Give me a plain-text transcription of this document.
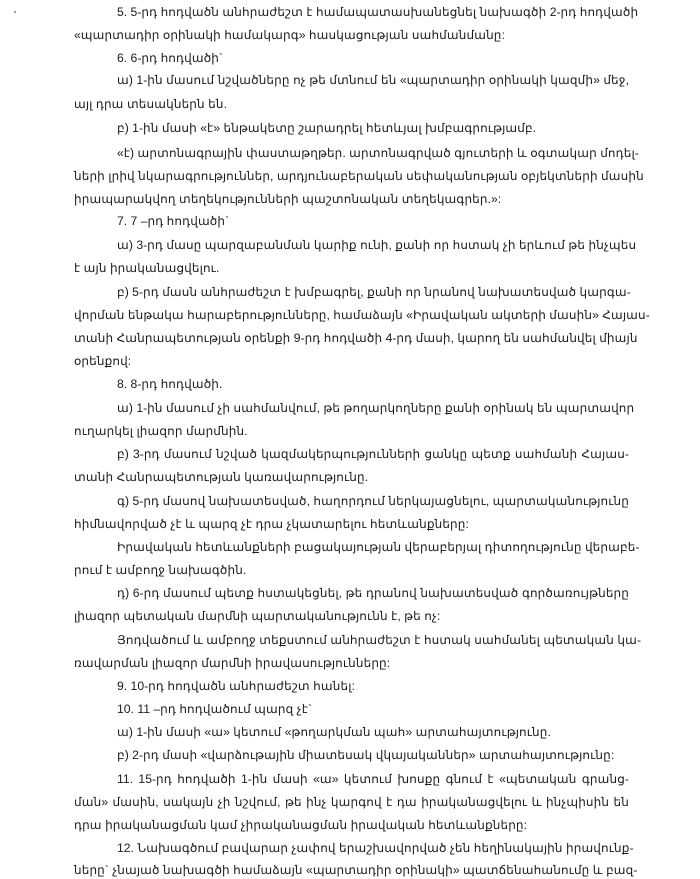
5. 5-րդ հոդվածն անհրաժեշտ է համապատասխանեցնել նախագծի 2-րդ հոդվածի
«պարտադիր օրինակի համակարգ» հասկացության սահմանմանը:
6. 6-րդ հոդվածի`
ա) 1-ին մասում նշվածները ոչ թե մտնում են «պարտադիր օրինակի կազմի» մեջ,
այլ դրա տեսակներն են.
բ) 1-ին մասի «է» ենթակետը շարադրել հետևյալ խմբագրությամբ.
«է) արտոնագրային փաստաթղթեր. արտոնագրված գյուտերի և օգտակար մոդել-
ների լրիվ նկարագրություններ, արդյունաբերական սեփականության օբյեկտների մասին
իրապարակվող տեղեկությունների պաշտոնական տեղեկագրեր.»:
7. 7 –րդ հոդվածի`
ա) 3-րդ մասը պարզաբանման կարիք ունի, քանի որ հստակ չի երևում թե ինչպես
է այն իրականացվելու.
բ) 5-րդ մասն անհրաժեշտ է խմբագրել, քանի որ նրանով նախատեսված կարգա-
վորման ենթակա հարաբերությունները, համաձայն «Իրավական ակտերի մասին» Հայաս-
տանի Հանրապետության օրենքի 9-րդ հոդվածի 4-րդ մասի, կարող են սահմանվել միայն
օրենքով:
8. 8-րդ հոդվածի.
ա) 1-ին մասում չի սահմանվում, թե թողարկողները քանի օրինակ են պարտավոր
ուղարկել լիազոր մարմնին.
բ) 3-րդ մասում նշված կազմակերպությունների ցանկը պետք սահմանի Հայաս-
տանի Հանրապետության կառավարությունը.
գ) 5-րդ մասով նախատեսված, հաղորդում ներկայացնելու, պարտականությունը
հիմնավորված չէ և պարզ չէ դրա չկատարելու հետևանքները:
Իրավական հետևանքների բացակայության վերաբերյալ դիտողությունը վերաբե-
րում է ամբողջ նախագծին.
դ) 6-րդ մասում պետք հստակեցնել, թե դրանով նախատեսված գործառույթները
լիազոր պետական մարմնի պարտականությունն է, թե ոչ:
Յոդվածում և ամբողջ տեքստում անհրաժեշտ է հստակ սահմանել պետական կա-
ռավարման լիազոր մարմնի իրավասությունները:
9. 10-րդ հոդվածն անհրաժեշտ հանել:
10. 11 –րդ հոդվածում պարզ չէ`
ա) 1-ին մասի «ա» կետում «թողարկման պահ» արտահայտությունը.
բ) 2-րդ մասի «վարձութային միատեսակ վկայականներ» արտահայտությունը:
11. 15-րդ հոդվածի 1-ին մասի «ա» կետում խոսքը գնում է «պետական գրանց-
ման» մասին, սակայն չի նշվում, թե ինչ կարգով է դա իրականացվելու և ինչպիսին են
դրա իրականացման կամ չիրականացման իրավական հետևանքները:
12. Նախագծում բավարար չափով երաշխավորված չեն հեղինակային իրավունք-
ները` չնայած նախագծի համաձայն «պարտադիր օրինակի» պատճենահանումը և բազ-
